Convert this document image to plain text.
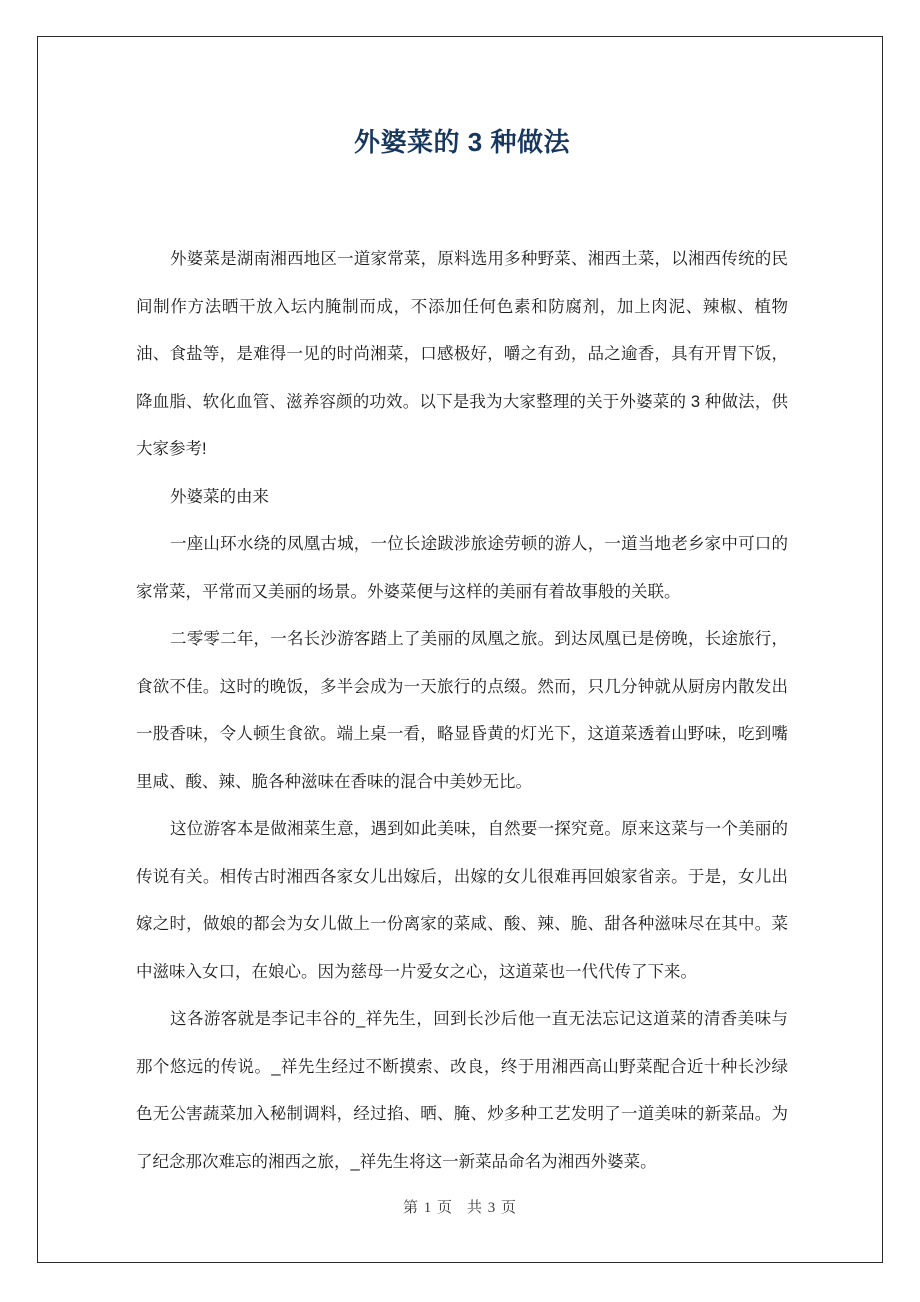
外婆菜的 3 种做法

外婆菜是湖南湘西地区一道家常菜，原料选用多种野菜、湘西土菜，以湘西传统的民间制作方法晒干放入坛内腌制而成，不添加任何色素和防腐剂，加上肉泥、辣椒、植物油、食盐等，是难得一见的时尚湘菜，口感极好，嚼之有劲，品之逾香，具有开胃下饭，降血脂、软化血管、滋养容颜的功效。以下是我为大家整理的关于外婆菜的 3 种做法，供大家参考!

外婆菜的由来

一座山环水绕的凤凰古城，一位长途跋涉旅途劳顿的游人，一道当地老乡家中可口的家常菜，平常而又美丽的场景。外婆菜便与这样的美丽有着故事般的关联。

二零零二年，一名长沙游客踏上了美丽的凤凰之旅。到达凤凰已是傍晚，长途旅行，食欲不佳。这时的晚饭，多半会成为一天旅行的点缀。然而，只几分钟就从厨房内散发出一股香味，令人顿生食欲。端上桌一看，略显昏黄的灯光下，这道菜透着山野味，吃到嘴里咸、酸、辣、脆各种滋味在香味的混合中美妙无比。

这位游客本是做湘菜生意，遇到如此美味，自然要一探究竟。原来这菜与一个美丽的传说有关。相传古时湘西各家女儿出嫁后，出嫁的女儿很难再回娘家省亲。于是，女儿出嫁之时，做娘的都会为女儿做上一份离家的菜咸、酸、辣、脆、甜各种滋味尽在其中。菜中滋味入女口，在娘心。因为慈母一片爱女之心，这道菜也一代代传了下来。

这各游客就是李记丰谷的_祥先生，回到长沙后他一直无法忘记这道菜的清香美味与那个悠远的传说。_祥先生经过不断摸索、改良，终于用湘西高山野菜配合近十种长沙绿色无公害蔬菜加入秘制调料，经过掐、晒、腌、炒多种工艺发明了一道美味的新菜品。为了纪念那次难忘的湘西之旅，_祥先生将这一新菜品命名为湘西外婆菜。

第 1 页 共 3 页
